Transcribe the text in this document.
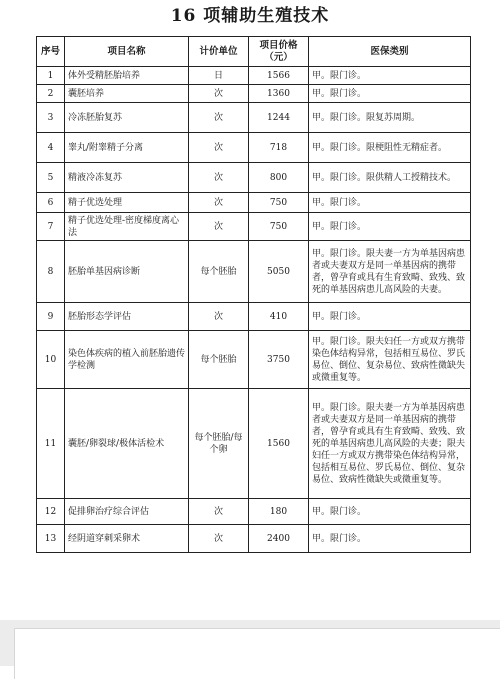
16 项辅助生殖技术
序号	项目名称	计价单位	项目价格（元）	医保类别
1	体外受精胚胎培养	日	1566	甲。限门诊。
2	囊胚培养	次	1360	甲。限门诊。
3	冷冻胚胎复苏	次	1244	甲。限门诊。限复苏周期。
4	睾丸/附睾精子分离	次	718	甲。限门诊。限梗阻性无精症者。
5	精液冷冻复苏	次	800	甲。限门诊。限供精人工授精技术。
6	精子优选处理	次	750	甲。限门诊。
7	精子优选处理-密度梯度离心法	次	750	甲。限门诊。
8	胚胎单基因病诊断	每个胚胎	5050	甲。限门诊。限夫妻一方为单基因病患者或夫妻双方是同一单基因病的携带者，曾孕育或具有生育致畸、致残、致死的单基因病患儿高风险的夫妻。
9	胚胎形态学评估	次	410	甲。限门诊。
10	染色体疾病的植入前胚胎遗传学检测	每个胚胎	3750	甲。限门诊。限夫妇任一方或双方携带染色体结构异常，包括相互易位、罗氏易位、倒位、复杂易位、致病性微缺失或微重复等。
11	囊胚/卵裂球/极体活检术	每个胚胎/每个卵	1560	甲。限门诊。限夫妻一方为单基因病患者或夫妻双方是同一单基因病的携带者，曾孕育或具有生育致畸、致残、致死的单基因病患儿高风险的夫妻；限夫妇任一方或双方携带染色体结构异常，包括相互易位、罗氏易位、倒位、复杂易位、致病性微缺失或微重复等。
12	促排卵治疗综合评估	次	180	甲。限门诊。
13	经阴道穿刺采卵术	次	2400	甲。限门诊。
